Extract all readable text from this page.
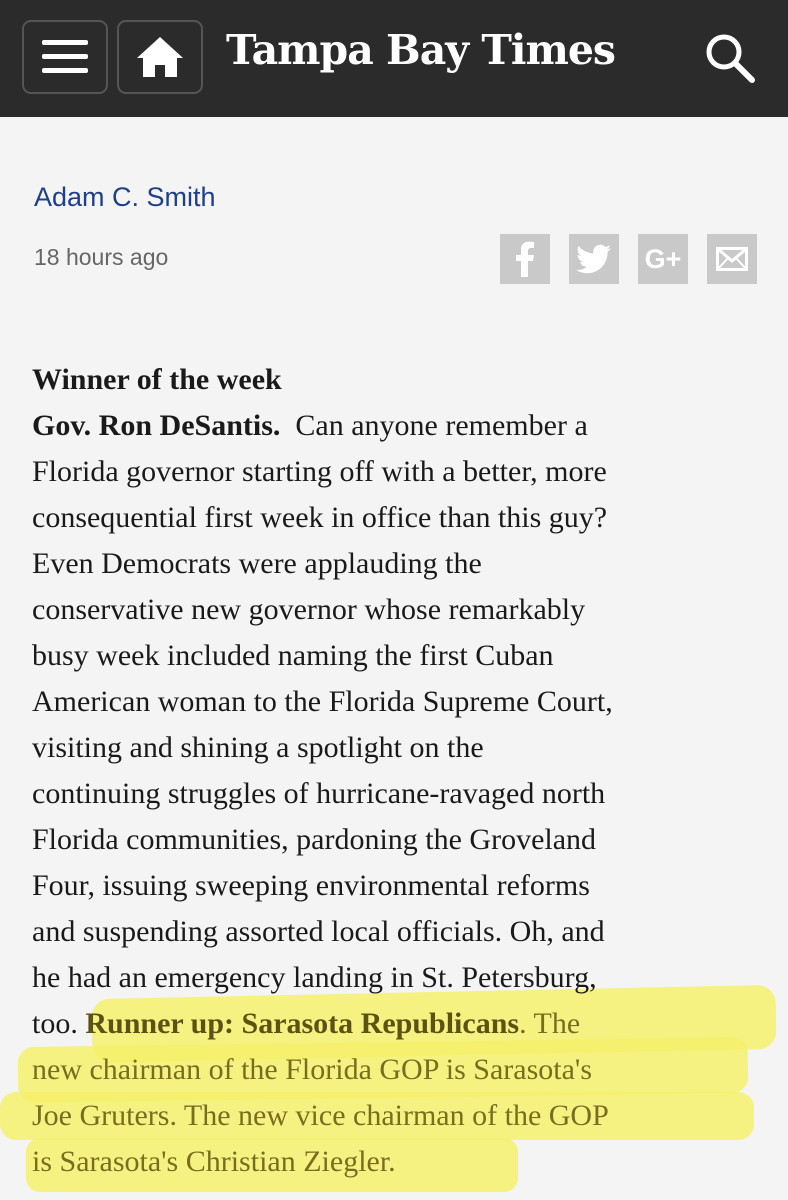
Tampa Bay Times
Adam C. Smith
18 hours ago	G+
Winner of the week
Gov. Ron DeSantis. Can anyone remember a
Florida governor starting off with a better, more
consequential first week in office than this guy?
Even Democrats were applauding the
conservative new governor whose remarkably
busy week included naming the first Cuban
American woman to the Florida Supreme Court,
visiting and shining a spotlight on the
continuing struggles of hurricane-ravaged north
Florida communities, pardoning the Groveland
Four, issuing sweeping environmental reforms
and suspending assorted local officials. Oh, and
he had an emergency landing in St. Petersburg,
too. Runner up: Sarasota Republicans. The
new chairman of the Florida GOP is Sarasota's
Joe Gruters. The new vice chairman of the GOP
is Sarasota's Christian Ziegler.
